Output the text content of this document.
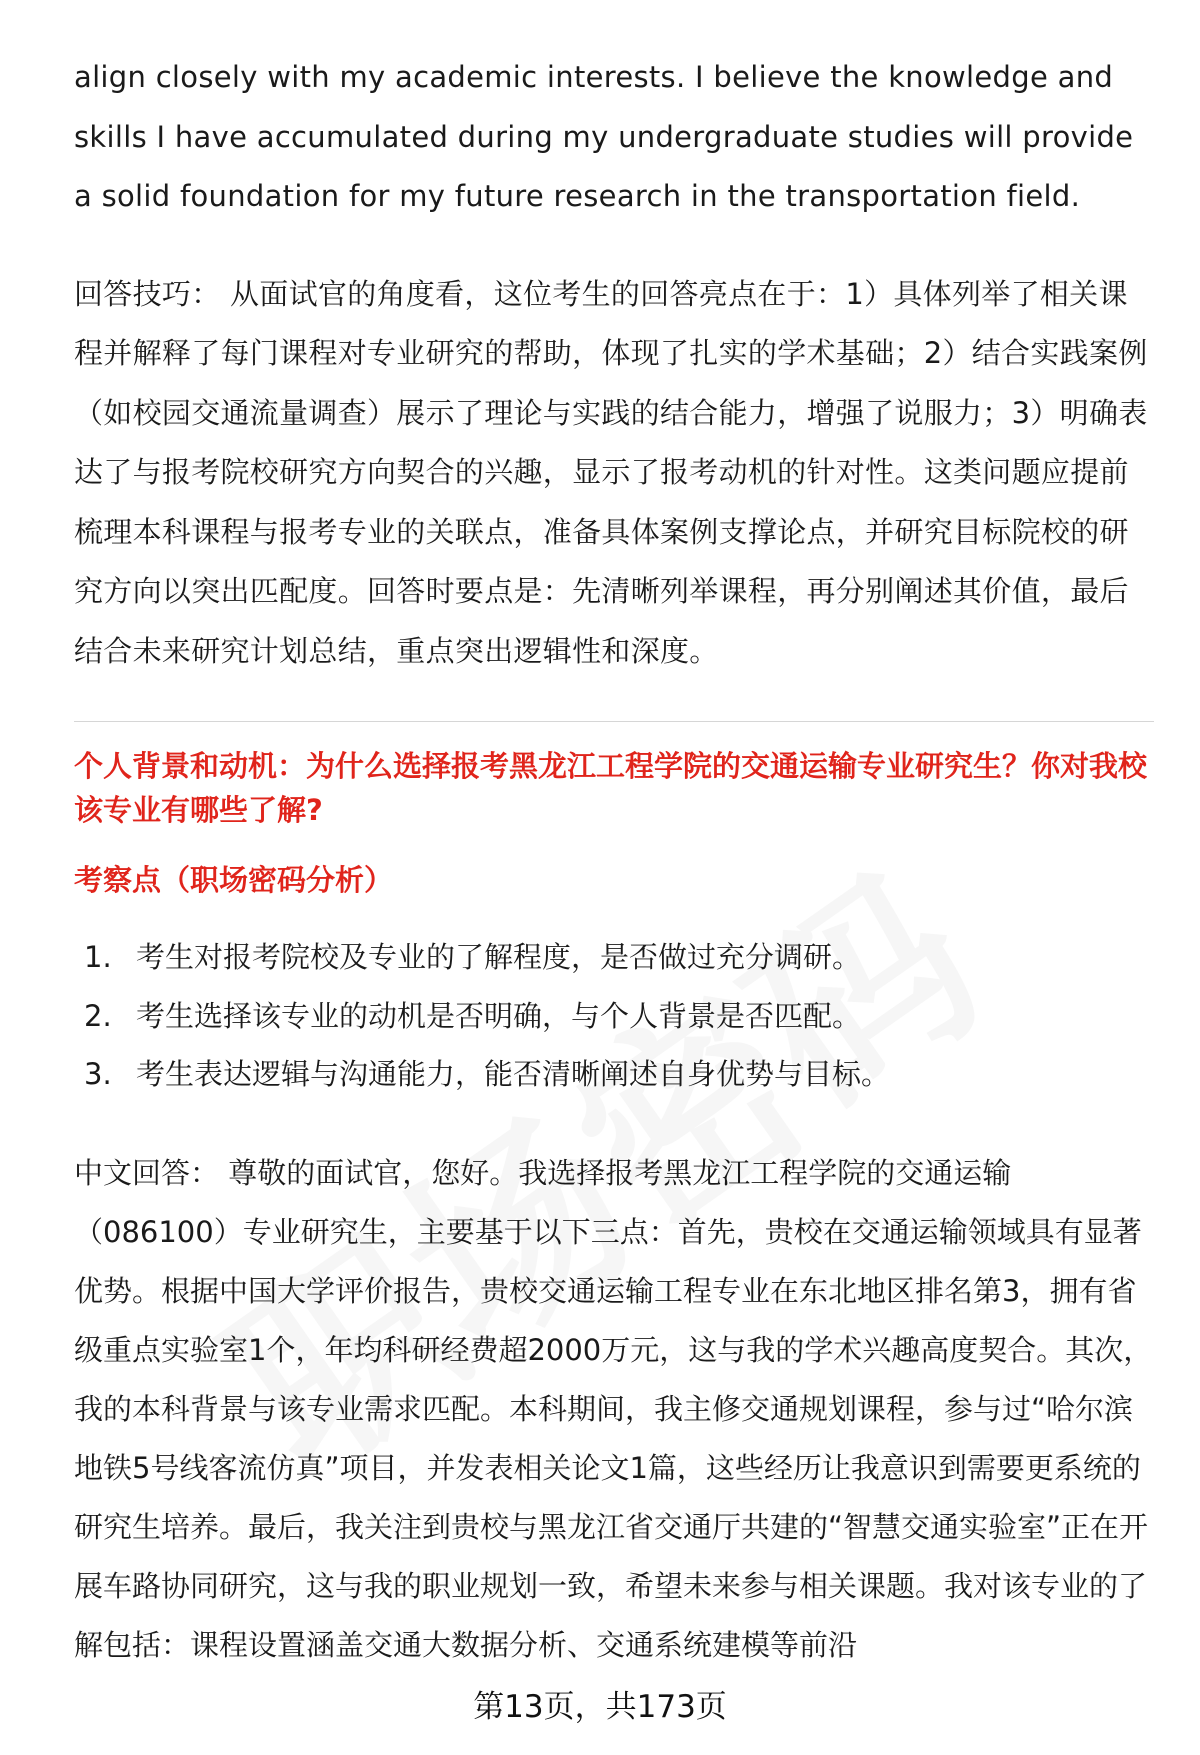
align closely with my academic interests. I believe the knowledge and skills I have accumulated during my undergraduate studies will provide a solid foundation for my future research in the transportation field.

回答技巧： 从面试官的角度看，这位考生的回答亮点在于：1）具体列举了相关课程并解释了每门课程对专业研究的帮助，体现了扎实的学术基础；2）结合实践案例（如校园交通流量调查）展示了理论与实践的结合能力，增强了说服力；3）明确表达了与报考院校研究方向契合的兴趣，显示了报考动机的针对性。这类问题应提前梳理本科课程与报考专业的关联点，准备具体案例支撑论点，并研究目标院校的研究方向以突出匹配度。回答时要点是：先清晰列举课程，再分别阐述其价值，最后结合未来研究计划总结，重点突出逻辑性和深度。

个人背景和动机：为什么选择报考黑龙江工程学院的交通运输专业研究生？你对我校该专业有哪些了解?
考察点（职场密码分析）
1. 考生对报考院校及专业的了解程度，是否做过充分调研。
2. 考生选择该专业的动机是否明确，与个人背景是否匹配。
3. 考生表达逻辑与沟通能力，能否清晰阐述自身优势与目标。

中文回答： 尊敬的面试官，您好。我选择报考黑龙江工程学院的交通运输（086100）专业研究生，主要基于以下三点：首先，贵校在交通运输领域具有显著优势。根据中国大学评价报告，贵校交通运输工程专业在东北地区排名第3，拥有省级重点实验室1个，年均科研经费超2000万元，这与我的学术兴趣高度契合。其次，我的本科背景与该专业需求匹配。本科期间，我主修交通规划课程，参与过“哈尔滨地铁5号线客流仿真”项目，并发表相关论文1篇，这些经历让我意识到需要更系统的研究生培养。最后，我关注到贵校与黑龙江省交通厅共建的“智慧交通实验室”正在开展车路协同研究，这与我的职业规划一致，希望未来参与相关课题。我对该专业的了解包括：课程设置涵盖交通大数据分析、交通系统建模等前沿

第13页，共173页
